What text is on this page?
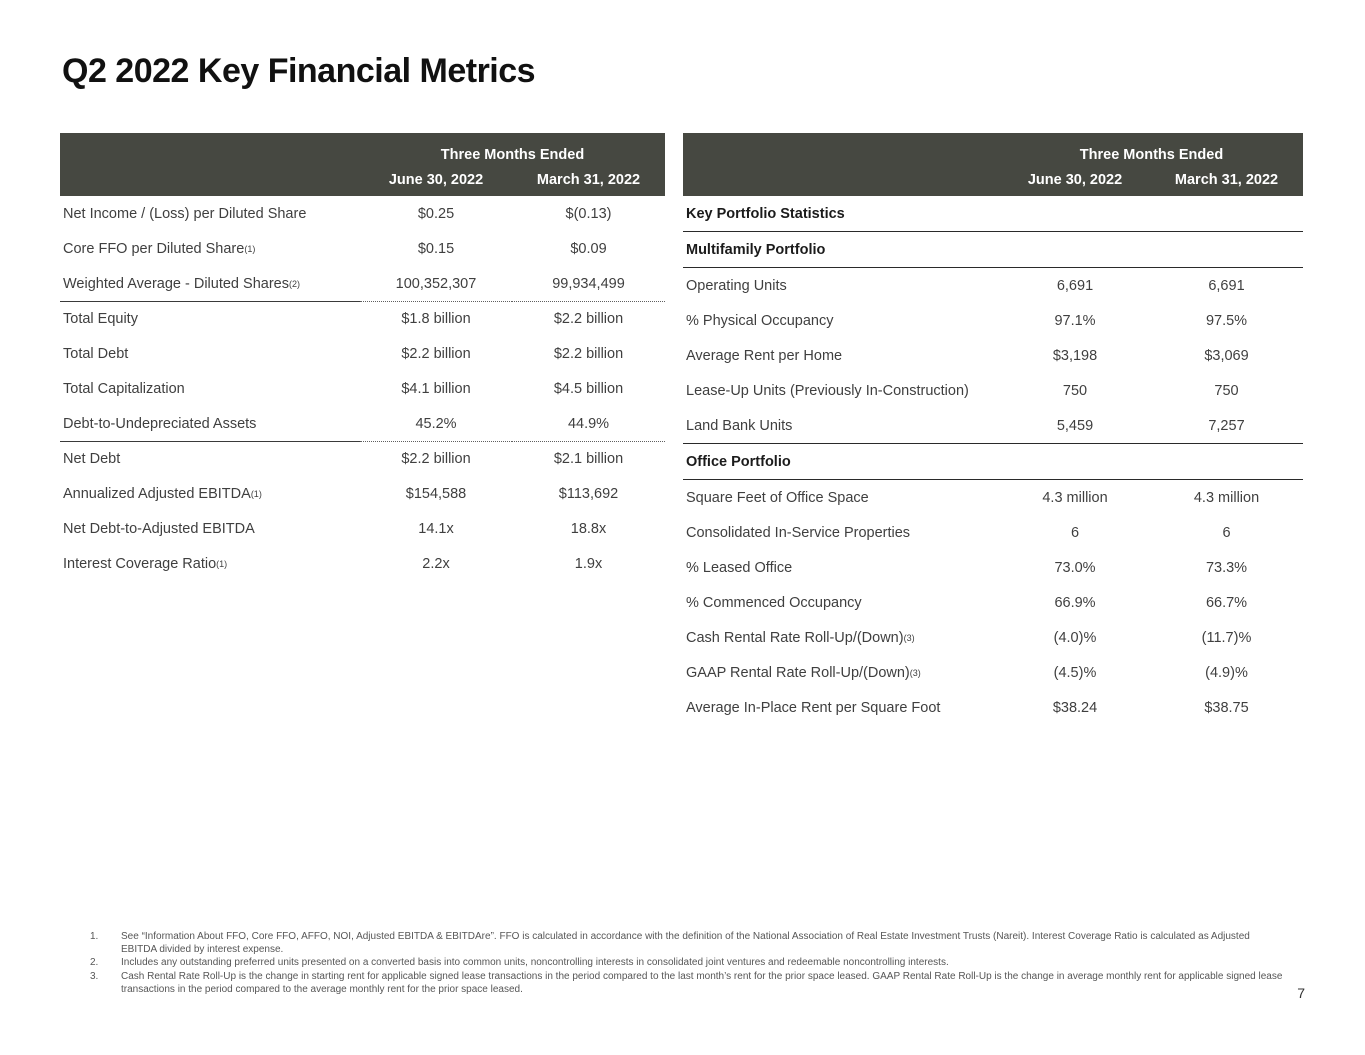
Q2 2022 Key Financial Metrics
Three Months Ended
June 30, 2022	March 31, 2022
Net Income / (Loss) per Diluted Share	$0.25	$(0.13)
Core FFO per Diluted Share (1)	$0.15	$0.09
Weighted Average - Diluted Shares (2)	100,352,307	99,934,499
Total Equity	$1.8 billion	$2.2 billion
Total Debt	$2.2 billion	$2.2 billion
Total Capitalization	$4.1 billion	$4.5 billion
Debt-to-Undepreciated Assets	45.2%	44.9%
Net Debt	$2.2 billion	$2.1 billion
Annualized Adjusted EBITDA (1)	$154,588	$113,692
Net Debt-to-Adjusted EBITDA	14.1x	18.8x
Interest Coverage Ratio (1)	2.2x	1.9x
Three Months Ended
June 30, 2022	March 31, 2022
Key Portfolio Statistics
Multifamily Portfolio
Operating Units	6,691	6,691
% Physical Occupancy	97.1%	97.5%
Average Rent per Home	$3,198	$3,069
Lease-Up Units (Previously In-Construction)	750	750
Land Bank Units	5,459	7,257
Office Portfolio
Square Feet of Office Space	4.3 million	4.3 million
Consolidated In-Service Properties	6	6
% Leased Office	73.0%	73.3%
% Commenced Occupancy	66.9%	66.7%
Cash Rental Rate Roll-Up/(Down) (3)	(4.0)%	(11.7)%
GAAP Rental Rate Roll-Up/(Down) (3)	(4.5)%	(4.9)%
Average In-Place Rent per Square Foot	$38.24	$38.75
1.	See “Information About FFO, Core FFO, AFFO, NOI, Adjusted EBITDA & EBITDAre”. FFO is calculated in accordance with the definition of the National Association of Real Estate Investment Trusts (Nareit). Interest Coverage Ratio is calculated as Adjusted EBITDA divided by interest expense.
2.	Includes any outstanding preferred units presented on a converted basis into common units, noncontrolling interests in consolidated joint ventures and redeemable noncontrolling interests.
3.	Cash Rental Rate Roll-Up is the change in starting rent for applicable signed lease transactions in the period compared to the last month’s rent for the prior space leased. GAAP Rental Rate Roll-Up is the change in average monthly rent for applicable signed lease transactions in the period compared to the average monthly rent for the prior space leased.	7
